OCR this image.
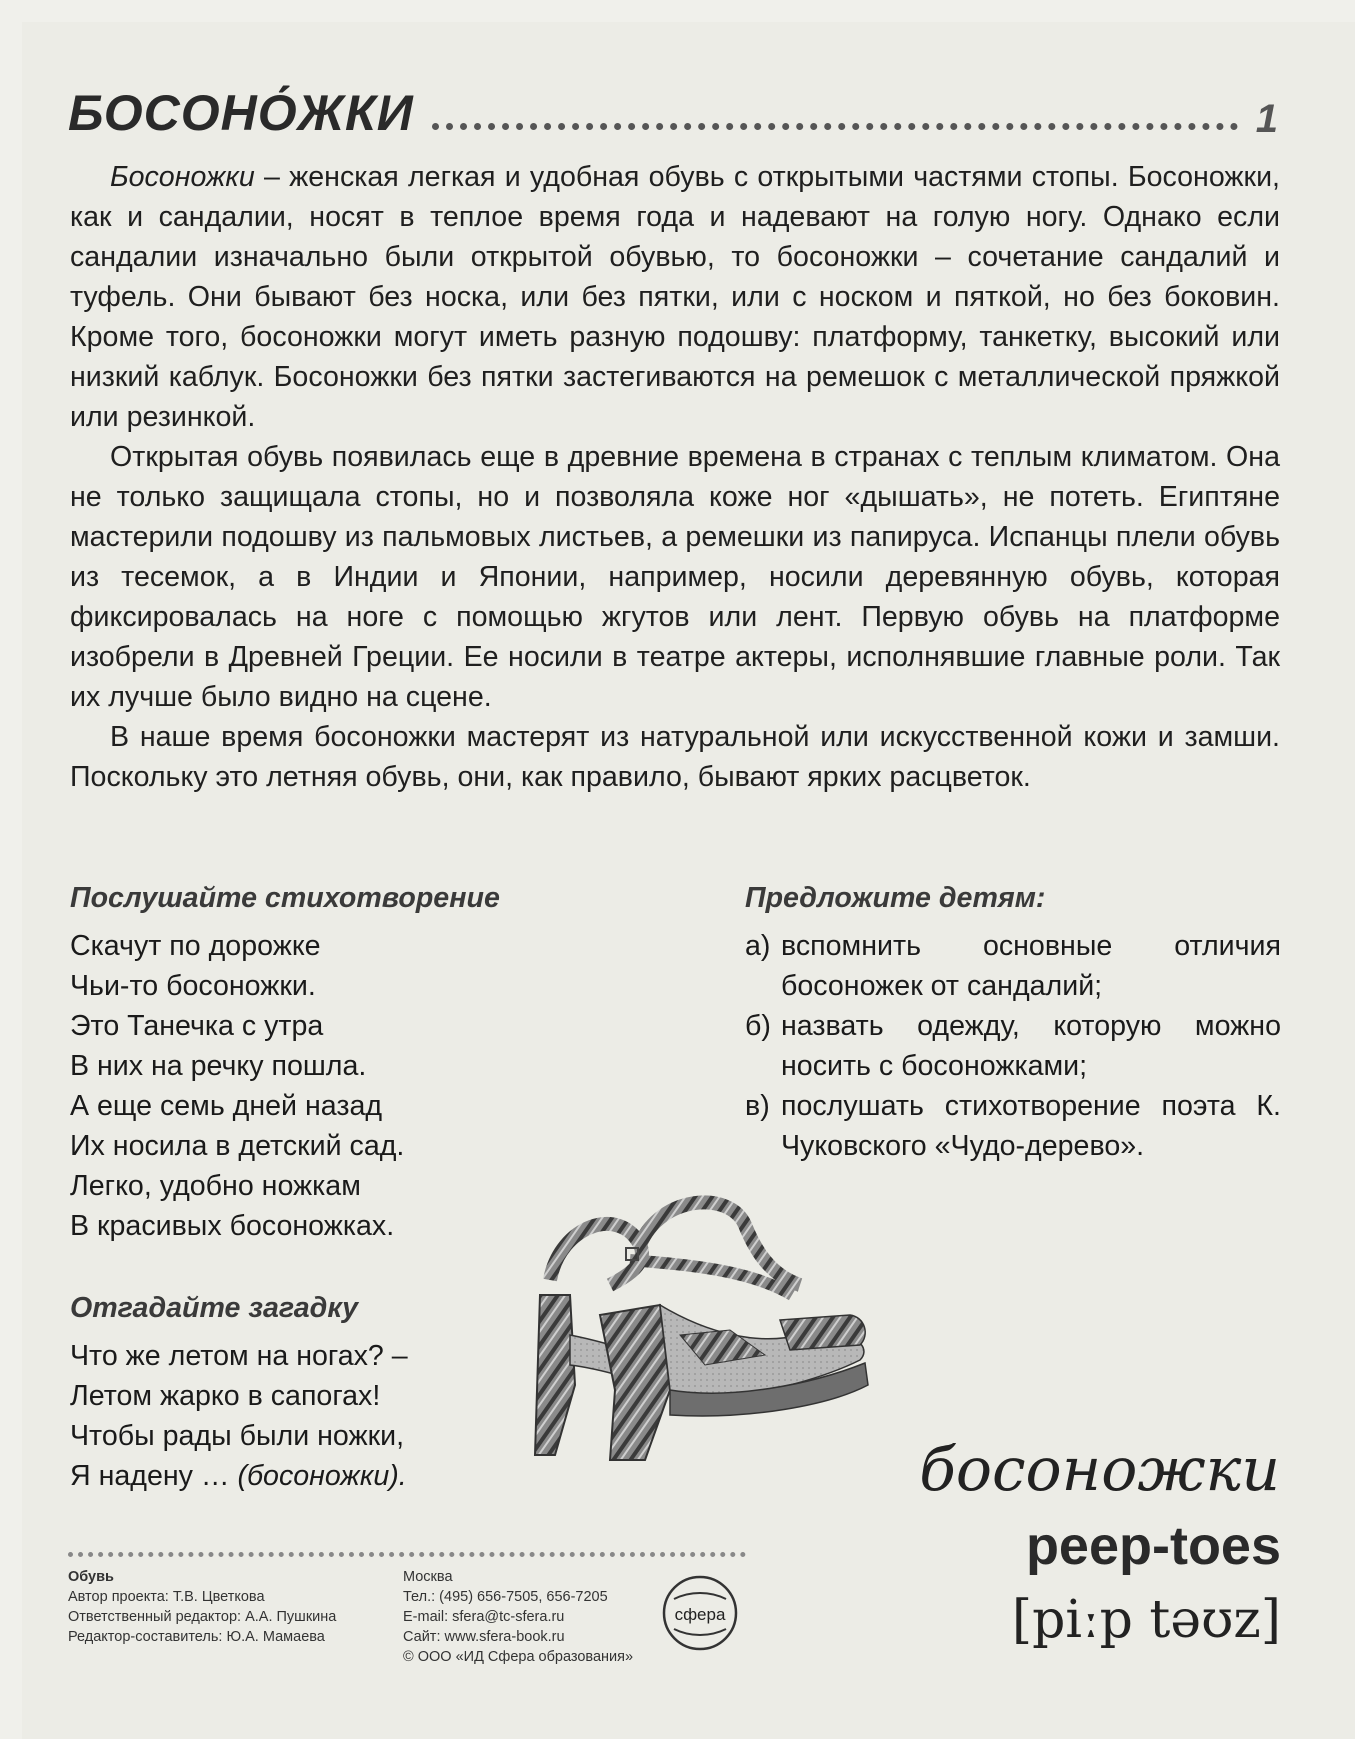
БОСОНО́ЖКИ	1

Босоножки – женская легкая и удобная обувь с открытыми частями стопы. Босоножки, как и сандалии, носят в теплое время года и надевают на голую ногу. Однако если сандалии изначально были открытой обувью, то босоножки – сочетание сандалий и туфель. Они бывают без носка, или без пятки, или с носком и пяткой, но без боковин. Кроме того, босоножки могут иметь разную подошву: платформу, танкетку, высокий или низкий каблук. Босоножки без пятки застегиваются на ремешок с металлической пряжкой или резинкой.

Открытая обувь появилась еще в древние времена в странах с теплым климатом. Она не только защищала стопы, но и позволяла коже ног «дышать», не потеть. Египтяне мастерили подошву из пальмовых листьев, а ремешки из папируса. Испанцы плели обувь из тесемок, а в Индии и Японии, например, носили деревянную обувь, которая фиксировалась на ноге с помощью жгутов или лент. Первую обувь на платформе изобрели в Древней Греции. Ее носили в театре актеры, исполнявшие главные роли. Так их лучше было видно на сцене.

В наше время босоножки мастерят из натуральной или искусственной кожи и замши. Поскольку это летняя обувь, они, как правило, бывают ярких расцветок.

Послушайте стихотворение
Скачут по дорожке
Чьи-то босоножки.
Это Танечка с утра
В них на речку пошла.
А еще семь дней назад
Их носила в детский сад.
Легко, удобно ножкам
В красивых босоножках.
Отгадайте загадку
Что же летом на ногах? –
Летом жарко в сапогах!
Чтобы рады были ножки,
Я надену … (босоножки).
Предложите детям:
а) вспомнить основные отличия босоножек от сандалий;
б) назвать одежду, которую можно носить с босоножками;
в) послушать стихотворение поэта К. Чуковского «Чудо-дерево».
босоножки
peep-toes
[piːp təʊz]
Обувь
Автор проекта: Т.В. Цветкова
Ответственный редактор: А.А. Пушкина
Редактор-составитель: Ю.А. Мамаева
Москва
Тел.: (495) 656-7505, 656-7205
E-mail: sfera@tc-sfera.ru
Сайт: www.sfera-book.ru
© ООО «ИД Сфера образования»
сфера
